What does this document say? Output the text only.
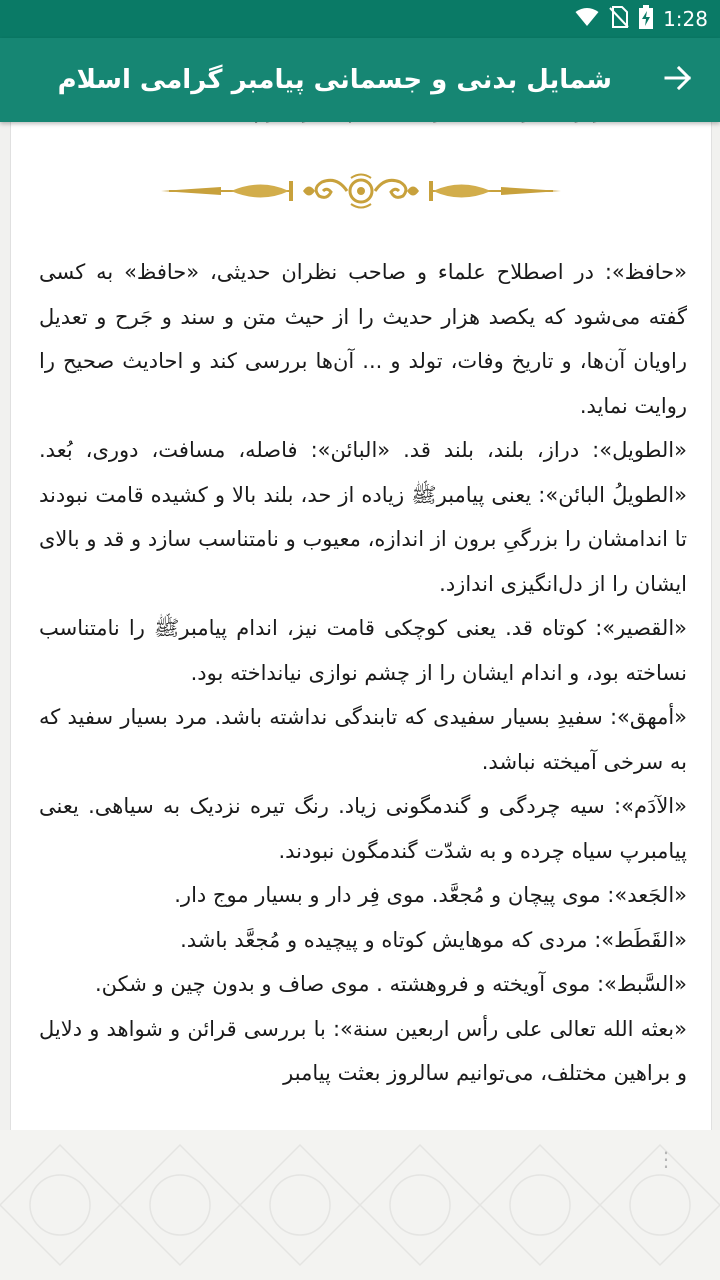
1:28
شمایل بدنی و جسمانی پیامبر گرامی اسلام

«حافظ»: در اصطلاح علماء و صاحب نظران حدیثی، «حافظ» به کسی گفته می‌شود که یکصد هزار حدیث را از حیث متن و سند و جَرح و تعدیل راویان آن‌ها، و تاریخ وفات، تولد و ... آن‌ها بررسی کند و احادیث صحیح را روایت نماید.

«الطویل»: دراز، بلند، بلند قد. «البائن»: فاصله، مسافت، دوری، بُعد. «الطویلُ البائن»: یعنی پیامبرﷺ زیاده از حد، بلند بالا و کشیده قامت نبودند تا اندامشان را بزرگیِ برون از اندازه، معیوب و نامتناسب سازد و قد و بالای ایشان را از دل‌انگیزی اندازد.

«القصیر»: کوتاه قد. یعنی کوچکی قامت نیز، اندام پیامبرﷺ را نامتناسب نساخته بود، و اندام ایشان را از چشم نوازی نیانداخته بود.

«أمهق»: سفیدِ بسیار سفیدی که تابندگی نداشته باشد. مرد بسیار سفید که به سرخی آمیخته نباشد.

«الآدَم»: سیه چردگی و گندمگونی زیاد. رنگ تیره نزدیک به سیاهی. یعنی پیامبرپ سیاه چرده و به شدّت گندمگون نبودند.

«الجَعد»: موی پیچان و مُجعَّد. موی فِر دار و بسیار موج دار.

«القَطَط»: مردی که موهایش کوتاه و پیچیده و مُجعَّد باشد.

«السَّبط»: موی آویخته و فروهشته . موی صاف و بدون چین و شکن.

«بعثه الله تعالی علی رأس اربعین سنة»: با بررسی قرائن و شواهد و دلایل و براهین مختلف، می‌توانیم سالروز بعثت پیامبر

⋮
